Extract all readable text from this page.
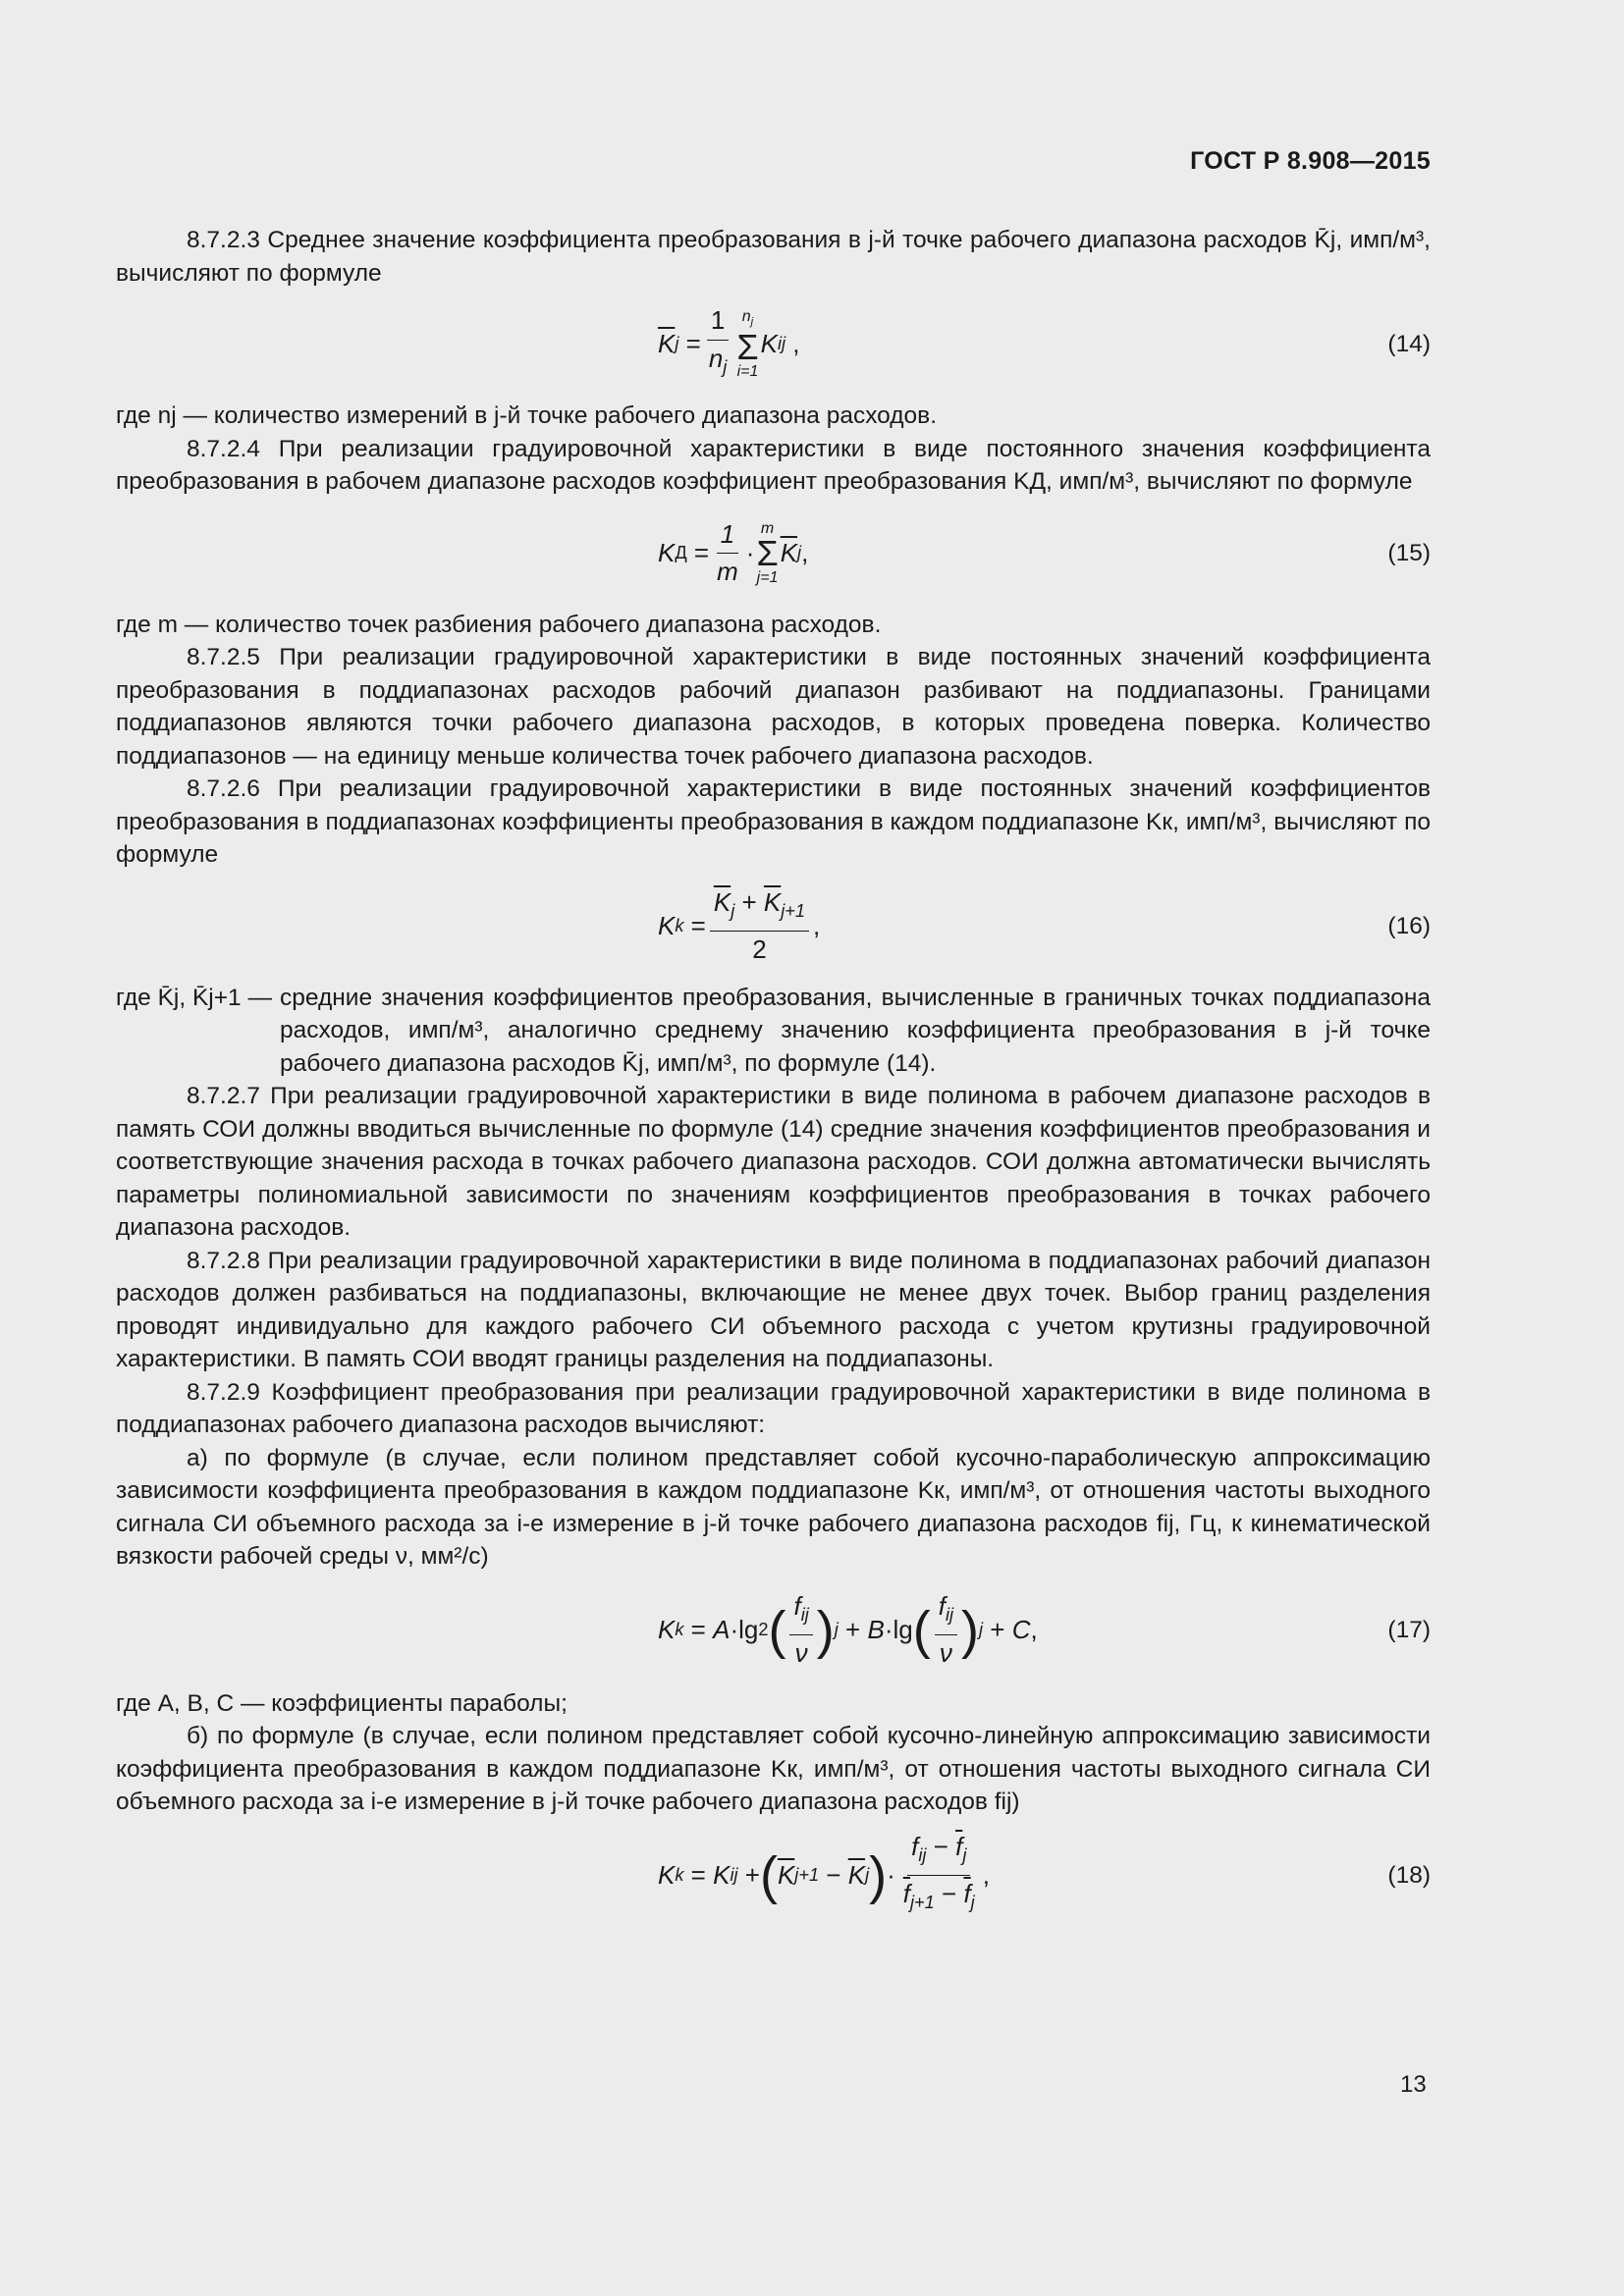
ГОСТ Р 8.908—2015

8.7.2.3 Среднее значение коэффициента преобразования в j-й точке рабочего диапазона расходов K̄j, имп/м³, вычисляют по формуле

$\overline{K}$ j
= $\frac{1}{n_j} n_j$
Σ
i=1
K ij
,	(14)

где nj — количество измерений в j-й точке рабочего диапазона расходов.

8.7.2.4 При реализации градуировочной характеристики в виде постоянного значения коэффициента преобразования в рабочем диапазоне расходов коэффициент преобразования KД, имп/м³, вычисляют по формуле

K Д
= $\frac{1}{m}$ ·
m
Σ
j=1
$\overline{K}$ j ,	(15)

где m — количество точек разбиения рабочего диапазона расходов.

8.7.2.5 При реализации градуировочной характеристики в виде постоянных значений коэффициента преобразования в поддиапазонах расходов рабочий диапазон разбивают на поддиапазоны. Границами поддиапазонов являются точки рабочего диапазона расходов, в которых проведена поверка. Количество поддиапазонов — на единицу меньше количества точек рабочего диапазона расходов.

8.7.2.6 При реализации градуировочной характеристики в виде постоянных значений коэффициентов преобразования в поддиапазонах коэффициенты преобразования в каждом поддиапазоне Kк, имп/м³, вычисляют по формуле

K k
= $\frac{\overline{K}_j + \overline{K}_{j+1}}{2}$ ,	(16)
где K̄j, K̄j+1 — средние значения коэффициентов преобразования, вычисленные в граничных точках поддиапазона расходов, имп/м³, аналогично среднему значению коэффициента преобразования в j-й точке рабочего диапазона расходов K̄j, имп/м³, по формуле (14).

8.7.2.7 При реализации градуировочной характеристики в виде полинома в рабочем диапазоне расходов в память СОИ должны вводиться вычисленные по формуле (14) средние значения коэффициентов преобразования и соответствующие значения расхода в точках рабочего диапазона расходов. СОИ должна автоматически вычислять параметры полиномиальной зависимости по значениям коэффициентов преобразования в точках рабочего диапазона расходов.

8.7.2.8 При реализации градуировочной характеристики в виде полинома в поддиапазонах рабочий диапазон расходов должен разбиваться на поддиапазоны, включающие не менее двух точек. Выбор границ разделения проводят индивидуально для каждого рабочего СИ объемного расхода с учетом крутизны градуировочной характеристики. В память СОИ вводят границы разделения на поддиапазоны.

8.7.2.9 Коэффициент преобразования при реализации градуировочной характеристики в виде полинома в поддиапазонах рабочего диапазона расходов вычисляют:

а) по формуле (в случае, если полином представляет собой кусочно-параболическую аппроксимацию зависимости коэффициента преобразования в каждом поддиапазоне Kк, имп/м³, от отношения частоты выходного сигнала СИ объемного расхода за i-е измерение в j-й точке рабочего диапазона расходов fij, Гц, к кинематической вязкости рабочей среды ν, мм²/с)

K k
= A ·lg 2 ( $\frac{f_{ij}}{\nu}$ ) j
+ B ·lg ( $\frac{f_{ij}}{\nu}$ ) j
+ C ,	(17)

где A, B, C — коэффициенты параболы;

б) по формуле (в случае, если полином представляет собой кусочно-линейную аппроксимацию зависимости коэффициента преобразования в каждом поддиапазоне Kк, имп/м³, от отношения частоты выходного сигнала СИ объемного расхода за i-е измерение в j-й точке рабочего диапазона расходов fij)

K k
= K ij
+ ( $\overline{K}$ j+1
−
$\overline{K}$ j ) · $\frac{f_{ij} - \overline{f}_j}{\overline{f}_{j+1} - \overline{f}_j}$ ,	(18)
13
